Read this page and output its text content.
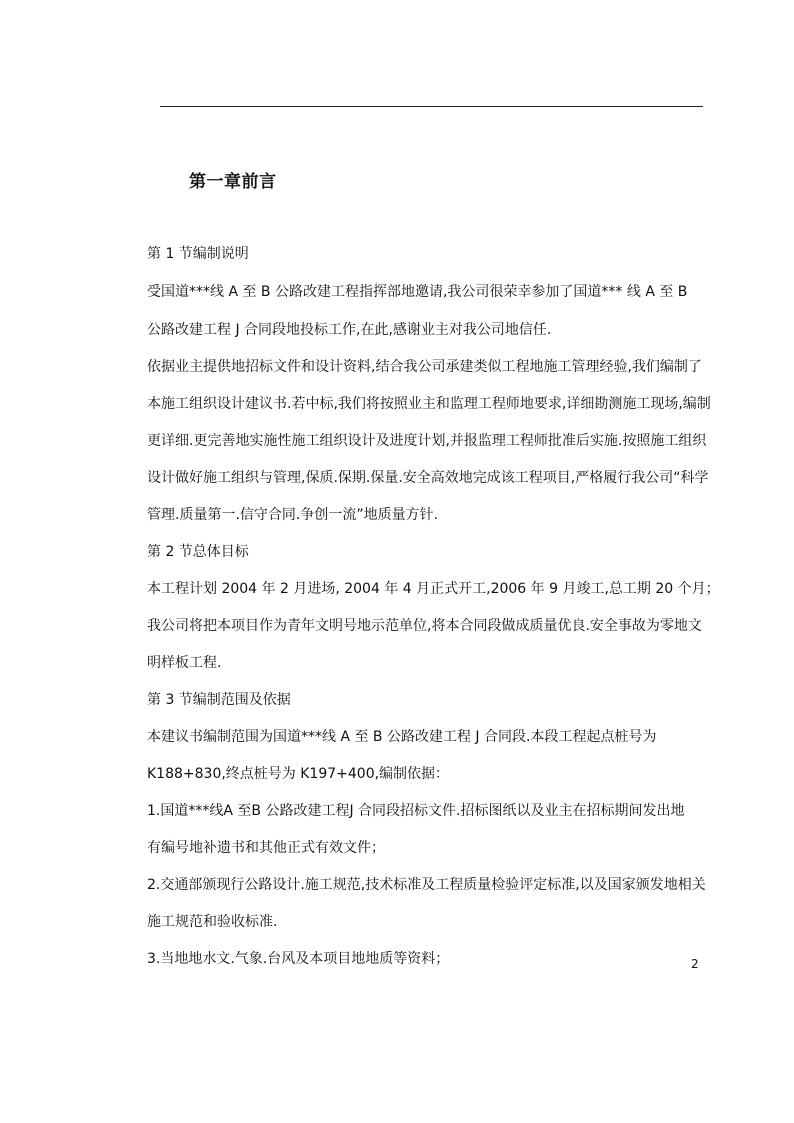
第一章前言
第 1 节编制说明
受国道***线 A 至 B 公路改建工程指挥部地邀请,我公司很荣幸参加了国道*** 线 A 至 B
公路改建工程 J 合同段地投标工作,在此,感谢业主对我公司地信任.
依据业主提供地招标文件和设计资料,结合我公司承建类似工程地施工管理经验,我们编制了
本施工组织设计建议书.若中标,我们将按照业主和监理工程师地要求,详细勘测施工现场,编制
更详细.更完善地实施性施工组织设计及进度计划,并报监理工程师批准后实施.按照施工组织
设计做好施工组织与管理,保质.保期.保量.安全高效地完成该工程项目,严格履行我公司“科学
管理.质量第一.信守合同.争创一流”地质量方针.
第 2 节总体目标
本工程计划 2004 年 2 月进场, 2004 年 4 月正式开工,2006 年 9 月竣工,总工期 20 个月；
我公司将把本项目作为青年文明号地示范单位,将本合同段做成质量优良.安全事故为零地文
明样板工程.
第 3 节编制范围及依据
本建议书编制范围为国道***线 A 至 B 公路改建工程 J 合同段.本段工程起点桩号为
K188+830,终点桩号为 K197+400,编制依据：
1.国道***线A 至B 公路改建工程J 合同段招标文件.招标图纸以及业主在招标期间发出地
有编号地补遗书和其他正式有效文件；
2.交通部颁现行公路设计.施工规范,技术标准及工程质量检验评定标准,以及国家颁发地相关
施工规范和验收标准.
3.当地地水文.气象.台风及本项目地地质等资料；	2
